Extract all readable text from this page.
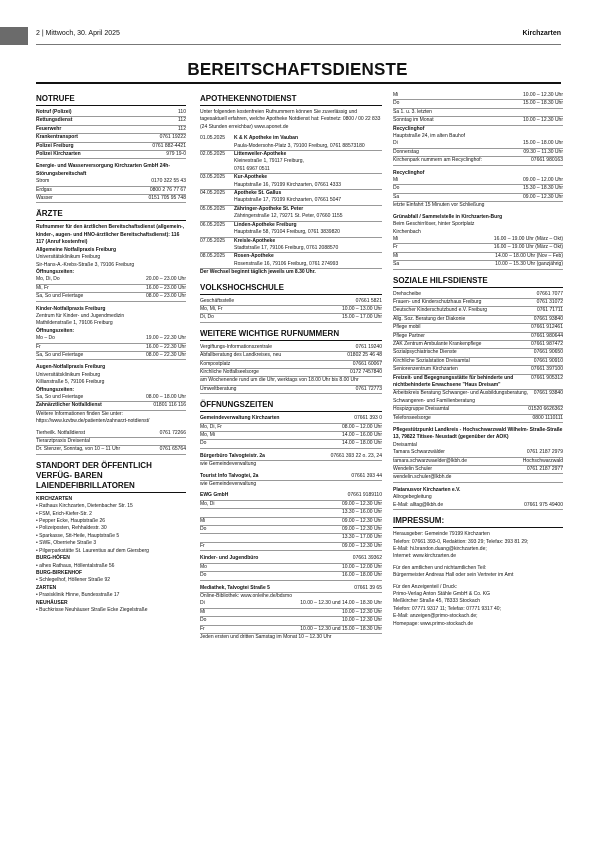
2 | Mittwoch, 30. April 2025	Kirchzarten
BEREITSCHAFTSDIENSTE
NOTRUFE
Notruf (Polizei)	110
Rettungsdienst	112
Feuerwehr	112
Krankentransport	0761 19222
Polizei Freiburg	0761 882-4421
Polizei Kirchzarten	979 19-0
Energie- und Wasserversorgung Kirchzarten GmbH 24h-Störungsbereitschaft
Strom	0170 322 55 43
Erdgas	0800 2 76 77 67
Wasser	0151 705 95 748
ÄRZTE
Rufnummer für den ärztlichen Bereitschaftsdienst (allgemein-, kinder-, augen- und HNO-ärztlicher Bereitschaftsdienst): 116 117 (Anruf kostenfrei)
Allgemeine Notfallpraxis Freiburg
Universitätsklinikum Freiburg
Sir-Hans-A.-Krebs-Straße 3, 79106 Freiburg
Öffnungszeiten:
Mo, Di, Do	20.00 – 23.00 Uhr
Mi, Fr	16.00 – 23.00 Uhr
Sa, So und Feiertage	08.00 – 23.00 Uhr
Kinder-Notfallpraxis Freiburg
Zentrum für Kinder- und Jugendmedizin
Mathildenstraße 1, 79106 Freiburg
Öffnungszeiten:
Mo – Do	19.00 – 22.30 Uhr
Fr	16.00 – 22.30 Uhr
Sa, So und Feiertage	08.00 – 22.30 Uhr
Augen-Notfallpraxis Freiburg
Universitätsklinikum Freiburg
Killianstraße 5, 79106 Freiburg
Öffnungszeiten:
Sa, So und Feiertage	08.00 – 18.00 Uhr
Zahnärztlicher Notfalldienst	01801 116 116
Weitere Informationen finden Sie unter:
https://www.kzvbw.de/patienten/zahnarzt-notdienst/
Tierheilk. Notfalldienst	0761 72266
Tierarztpraxis Dreisental
Dr. Stenzer, Sonntag, von 10 – 11 Uhr	0761 65764
STANDORT DER ÖFFENTLICH VERFÜG- BAREN LAIENDEFIBRILLATOREN
KIRCHZARTEN
• Rathaus Kirchzarten, Dietenbacher Str. 15
• FSM, Erich-Kiefer-Str. 2
• Pepper Ecke, Hauptstraße 26
• Polizeiposten, Rehhaldestr. 30
• Sparkasse, Stt-Heile, Hauptstraße 5
• SWE, Oberriehe Straße 3
• Pilgerparkstätte St. Laurentius auf dem Giersberg
BURG-HÖFEN
• alhes Rathaus, Höllentalstraße 56
BURG-BIRKENHOF
• Schlegelhof, Höllener Straße 92
ZARTEN
• Praxisklinik Hinne, Bundesstraße 17
NEUHÄUSER
• Buchkrisse Neuhäuser Straße Ecke Ziegelstraße
APOTHEKENNOTDIENST
Unter folgenden kostenfreien Rufnummern können Sie zuverlässig und tagesaktuell erfahren, welche Apotheke Notdienst hat: Festnetz: 0800 / 00 22 833 (24 Stunden erreichbar) www.aponet.de
01.05.2025	K & K Apotheke im Vauban
Paula-Modersohn-Platz 3, 79100 Freiburg, 0761 88573180
02.05.2025	Littenweiler-Apotheke
Kleinestraße 1, 79117 Freiburg,
0761 6967 0511
03.05.2025	Kur-Apotheke
Hauptstraße 16, 79199 Kirchzarten, 07661 4333
04.05.2025	Apotheke St. Gallus
Hauptstraße 17, 79199 Kirchzarten, 07661 5047
05.05.2025	Zähringer-Apotheke St. Peter
Zähringerstraße 12, 79271 St. Peter, 07660 1155
06.05.2025	Linden-Apotheke Freiburg
Hauptstraße 58, 79104 Freiburg, 0761 3839820
07.05.2025	Kreisle-Apotheke
Stadtstraße 17, 79106 Freiburg, 0761 2088570
08.05.2025	Rosen-Apotheke
Rosenstraße 16, 79106 Freiburg, 0761 274993
Der Wechsel beginnt täglich jeweils um 8.30 Uhr.
VOLKSHOCHSCHULE
Geschäftsstelle	07661 5821
Mo, Mi, Fr	10.00 – 13.00 Uhr
Di, Do	15.00 – 17.00 Uhr
WEITERE WICHTIGE RUFNUMMERN
Vergiftungs-Informationszentrale	0761 19240
Abfallberatung des Landkreises, neu	01802 25 46 48
Kompostplatz	07661 60067
Kirchliche Notfallseelsorge	0172 7457840
am Wochenende rund um die Uhr, werktags von 18.00 Uhr bis 8.00 Uhr
Umweltberatung	0761 72773
ÖFFNUNGSZEITEN
Gemeindeverwaltung Kirchzarten	07661 393 0
Mo, Di, Fr	08.00 – 12.00 Uhr
Mo, Mi	14.00 – 16.00 Uhr
Do	14.00 – 18.00 Uhr
Bürgerbüro Talvogteistr. 2a	07661 393 22 o. 23, 24
wie Gemeindeverwaltung
Tourist Info Talvogtei, 2a	07661 393 44
wie Gemeindeverwaltung
EWG GmbH	07661 9189110
Mo, Di	09.00 – 12.30 Uhr
13.30 – 16.00 Uhr
Mi	09.00 – 12.30 Uhr
Do	09.00 – 12.30 Uhr
13.30 – 17.00 Uhr
Fr	09.00 – 12.30 Uhr
Kinder- und Jugendbüro	07661 39362
Mo	10.00 – 12.00 Uhr
Do	16.00 – 18.00 Uhr
Mediathek, Talvogtei Straße 5	07661 39 65
Online-Bibliothek: www.onleihe.de/bdsmo
Di	10.00 – 12.30 und 14.00 – 18.30 Uhr
Mi	10.00 – 12.30 Uhr
Do	10.00 – 12.30 Uhr
Fr	10.00 – 12.30 und 15.00 – 18.30 Uhr
Jeden ersten und dritten Samstag im Monat 10 – 12.30 Uhr
Mi	10.00 – 12.30 Uhr
Do	15.00 – 18.30 Uhr
Sa 1. u. 3. letzten
Sonntag im Monat	10.00 – 12.30 Uhr
Recyclinghof
Hauptstraße 24, im alten Bauhof
Di	15.00 – 18.00 Uhr
Donnerstag	09.30 – 11.30 Uhr
Kirchenpark nummern am Recyclinghof:	07661 980163
Recyclinghof
Mi	09.00 – 12.00 Uhr
Do	15.30 – 18.30 Uhr
Sa	09.00 – 12.30 Uhr
letzte Einfahrt 15 Minuten vor Schließung
Grünabfall / Sammelstelle in Kirchzarten-Burg
Beim Geschirrlöser, hinter Sportplatz
Kirchenbach
Mi	16.00 – 19.00 Uhr (März – Okt)
Fr	16.00 – 19.00 Uhr (März – Okt)
Mi	14.00 – 18.00 Uhr (Nov – Feb)
Sa	10.00 – 15.30 Uhr (ganzjährig)
SOZIALE HILFSDIENSTE
Drehscheibe	07661 7077
Frauen- und Kinderschutzhaus Freiburg	0761 31072
Deutscher Kinderschutzbund e.V. Freiburg	0761 71711
Allg. Soz. Beratung der Diakonie	07661 93840
Pflege mobil	07661 912461
Pflege Partner	07661 980644
ZAK Zentrum Ambulante Krankenpflege	07661 987472
Sozialpsychiatrische Dienste	07661 90650
Kirchliche Sozialstation Dreisamtal	07661 90910
Seniorenzentrum Kirchzarten	07661 397100
Freizeit- und Begegnungsstätte für behinderte und nichtbehinderte Erwachsene "Haus Dreisam"
07661 905312
Arbeitskreis Beratung Schwanger- und Ausbildungsberatung, Schwangeren- und Familienberatung
07661 93840
Hospizgruppe Dreisamtal	01520 6626362
Telefonseelsorge	0800 1110111
Pflegestützpunkt Landkreis - Hochschwarzwald Wilhelm- Straße-Straße 13, 79822 Titisee- Neustadt (gegenüber der AOK)
Dreisamtal
Tamara Schwarzwälder	0761 2187 2979
tamara.schwarzwaelder@lkbh.de	Hochschwarzwald
Wendelin Schuler	0761 2187 2977
wendelin.schuler@lkbh.de
Platanusvor Kirchzarten e.V.
Allrogebegleitung
E-Mail: alltag@lkbh.de	07661 975 49400
IMPRESSUM:
Herausgeber: Gemeinde 79199 Kirchzarten
Telefon: 07661 393-0, Redaktion: 393 29; Telefax: 393 81 29;
E-Mail: hi.brandon.duang@kirchzarten.de;
Internet: www.kirchzarten.de
Für den amtlichen und nichtamtlichen Teil:
Bürgermeister Andreas Hall oder sein Vertreter im Amt
Für den Anzeigenteil / Druck:
Primo-Verlag Anton Stähle GmbH & Co. KG
Meßkircher Straße 45, 78333 Stockach
Telefon: 07771 9317 11; Telefax: 07771 9317 40;
E-Mail: anzeigen@primo-stockach.de;
Homepage: www.primo-stockach.de
